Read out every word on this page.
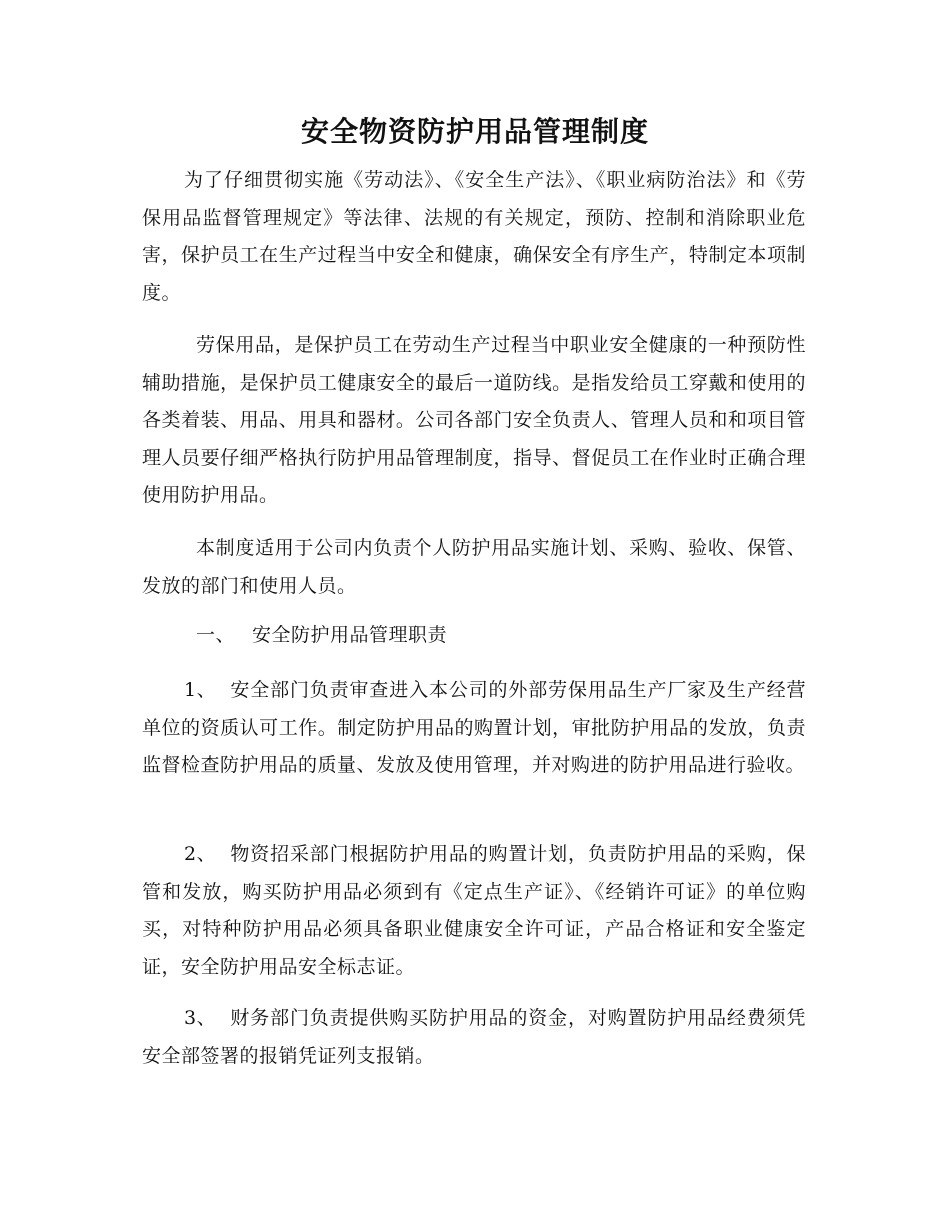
安全物资防护用品管理制度

为了仔细贯彻实施《劳动法》、《安全生产法》、《职业病防治法》和《劳保用品监督管理规定》等法律、法规的有关规定，预防、控制和消除职业危害，保护员工在生产过程当中安全和健康，确保安全有序生产，特制定本项制度。

劳保用品，是保护员工在劳动生产过程当中职业安全健康的一种预防性辅助措施，是保护员工健康安全的最后一道防线。是指发给员工穿戴和使用的各类着装、用品、用具和器材。公司各部门安全负责人、管理人员和和项目管理人员要仔细严格执行防护用品管理制度，指导、督促员工在作业时正确合理使用防护用品。

本制度适用于公司内负责个人防护用品实施计划、采购、验收、保管、发放的部门和使用人员。

一、 安全防护用品管理职责

1、 安全部门负责审查进入本公司的外部劳保用品生产厂家及生产经营单位的资质认可工作。制定防护用品的购置计划，审批防护用品的发放，负责监督检查防护用品的质量、发放及使用管理，并对购进的防护用品进行验收。

2、 物资招采部门根据防护用品的购置计划，负责防护用品的采购，保管和发放，购买防护用品必须到有《定点生产证》、《经销许可证》的单位购买，对特种防护用品必须具备职业健康安全许可证，产品合格证和安全鉴定证，安全防护用品安全标志证。

3、 财务部门负责提供购买防护用品的资金，对购置防护用品经费须凭安全部签署的报销凭证列支报销。
